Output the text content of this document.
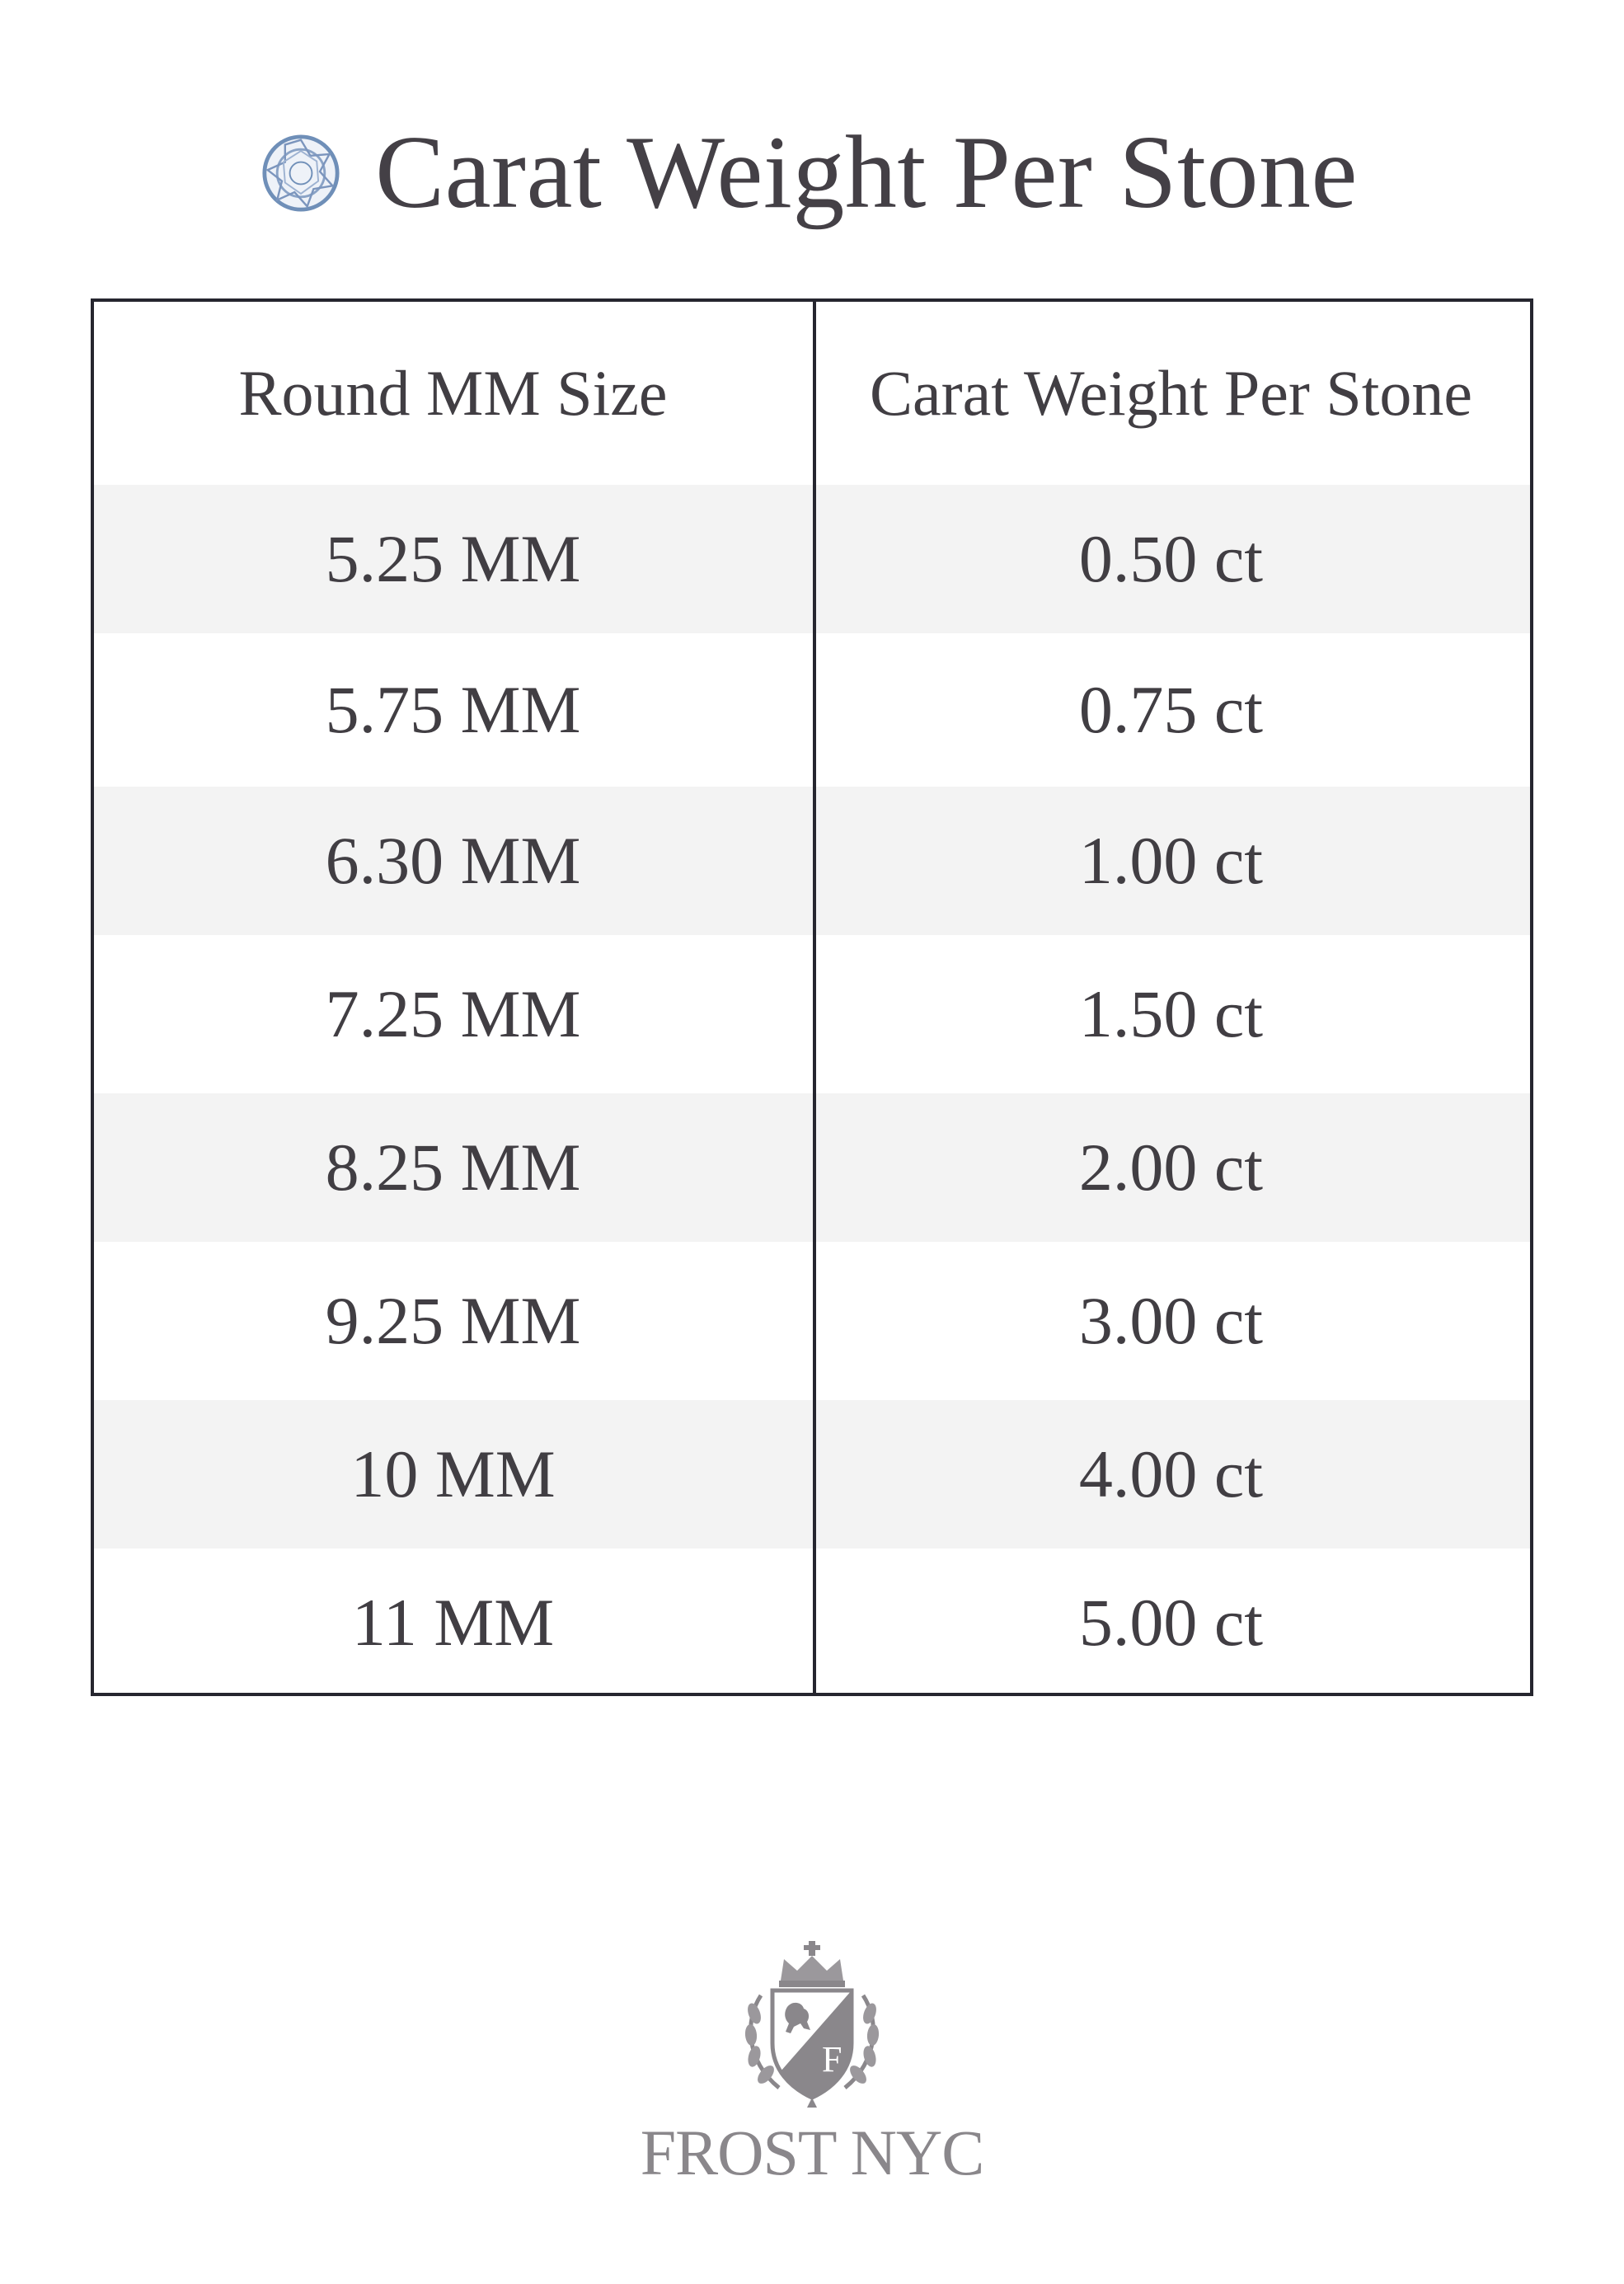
Carat Weight Per Stone
Round MM Size	Carat Weight Per Stone
5.25 MM	0.50 ct
5.75 MM	0.75 ct
6.30 MM	1.00 ct
7.25 MM	1.50 ct
8.25 MM	2.00 ct
9.25 MM	3.00 ct
10 MM	4.00 ct
11 MM	5.00 ct
F
FROST NYC
